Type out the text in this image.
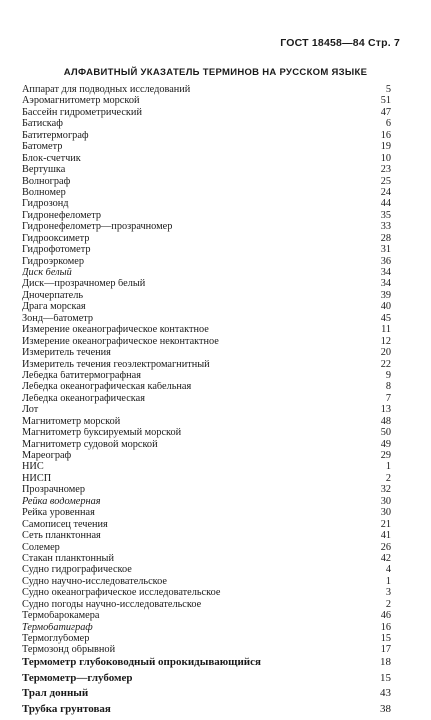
ГОСТ 18458—84 Стр. 7
АЛФАВИТНЫЙ УКАЗАТЕЛЬ ТЕРМИНОВ НА РУССКОМ ЯЗЫКЕ
Аппарат для подводных исследований	5
Аэромагнитометр морской	51
Бассейн гидрометрический	47
Батискаф	6
Батитермограф	16
Батометр	19
Блок-счетчик	10
Вертушка	23
Волнограф	25
Волномер	24
Гидрозонд	44
Гидронефелометр	35
Гидронефелометр—прозрачномер	33
Гидрооксиметр	28
Гидрофотометр	31
Гидроэркомер	36
Диск белый	34
Диск—прозрачномер белый	34
Дночерпатель	39
Драга морская	40
Зонд—батометр	45
Измерение океанографическое контактное	11
Измерение океанографическое неконтактное	12
Измеритель течения	20
Измеритель течения геоэлектромагнитный	22
Лебедка батитермографная	9
Лебедка океанографическая кабельная	8
Лебедка океанографическая	7
Лот	13
Магнитометр морской	48
Магнитометр буксируемый морской	50
Магнитометр судовой морской	49
Мареограф	29
НИС	1
НИСП	2
Прозрачномер	32
Рейка водомерная	30
Рейка уровенная	30
Самописец течения	21
Сеть планктонная	41
Солемер	26
Стакан планктонный	42
Судно гидрографическое	4
Судно научно-исследовательское	1
Судно океанографическое исследовательское	3
Судно погоды научно-исследовательское	2
Термобарокамера	46
Термобатиграф	16
Термоглубомер	15
Термозонд обрывной	17
Термометр глубоководный опрокидывающийся	18
Термометр—глубомер	15
Трал донный	43
Трубка грунтовая	38
